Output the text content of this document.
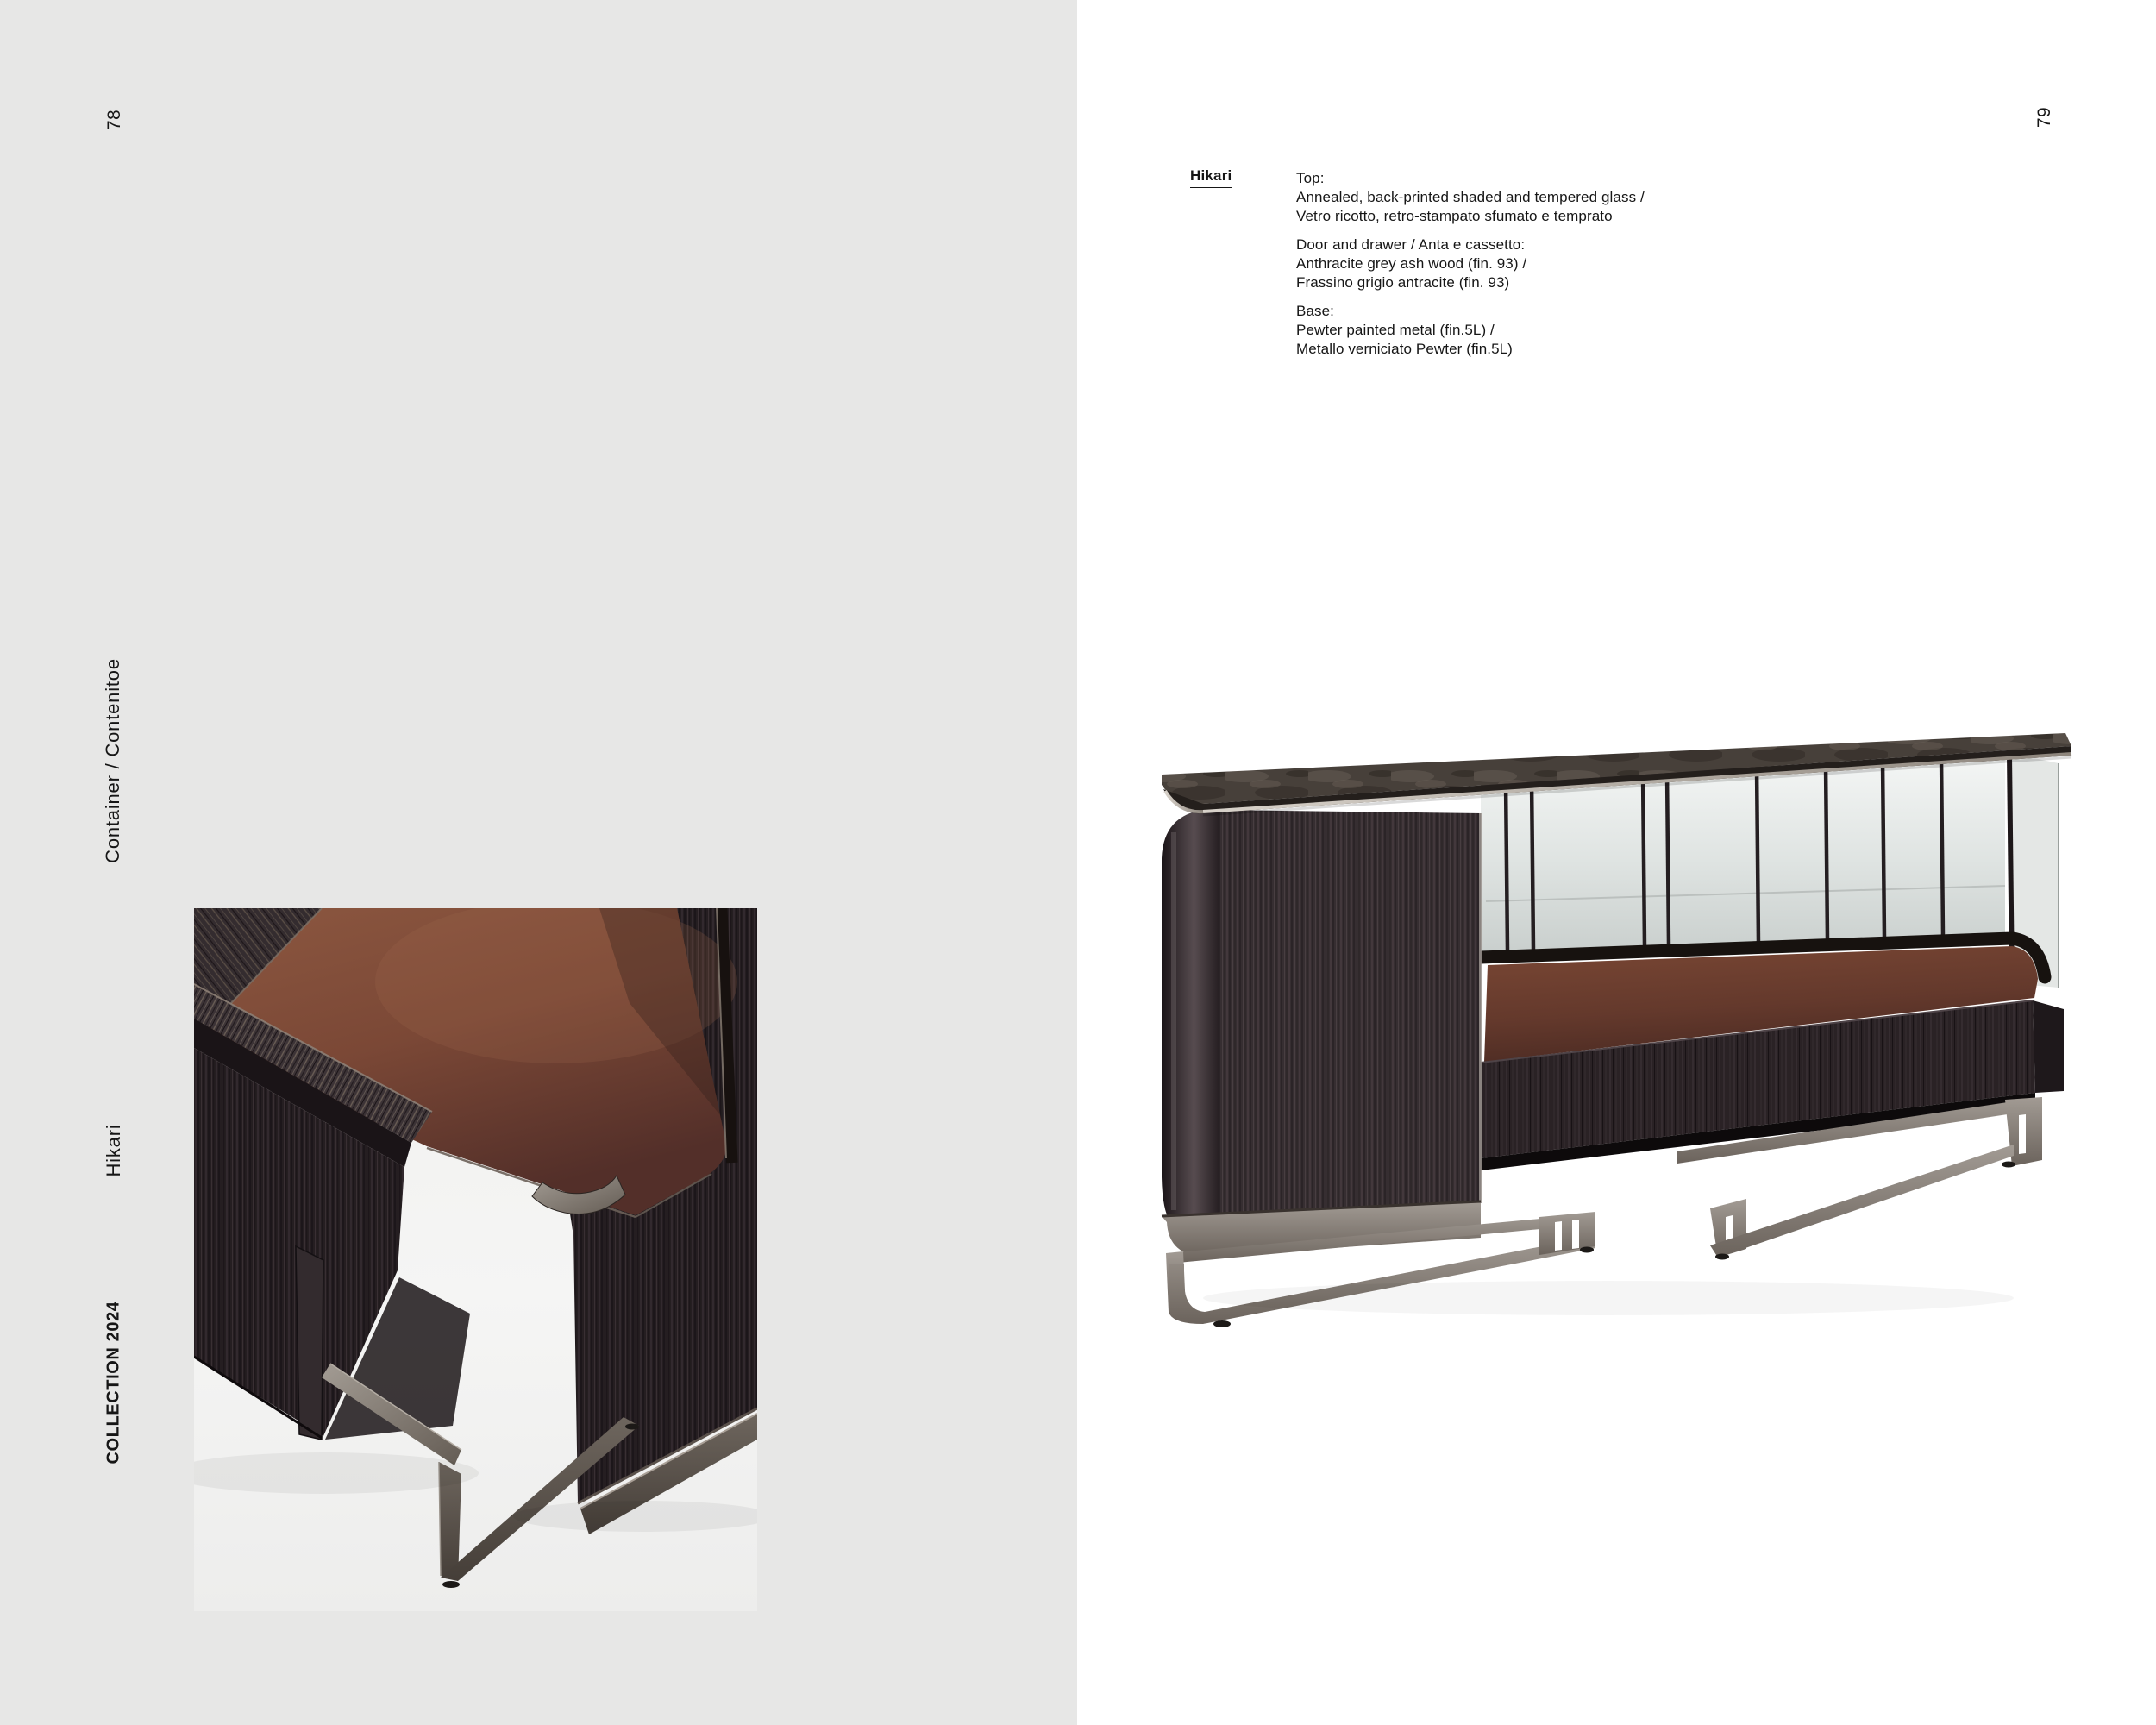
78
Container / Contenitoe
Hikari
COLLECTION 2024
79
Hikari	Top:
Annealed, back-printed shaded and tempered glass /
Vetro ricotto, retro-stampato sfumato e temprato
Door and drawer / Anta e cassetto:
Anthracite grey ash wood (fin. 93) /
Frassino grigio antracite (fin. 93)
Base:
Pewter painted metal (fin.5L) /
Metallo verniciato Pewter (fin.5L)
